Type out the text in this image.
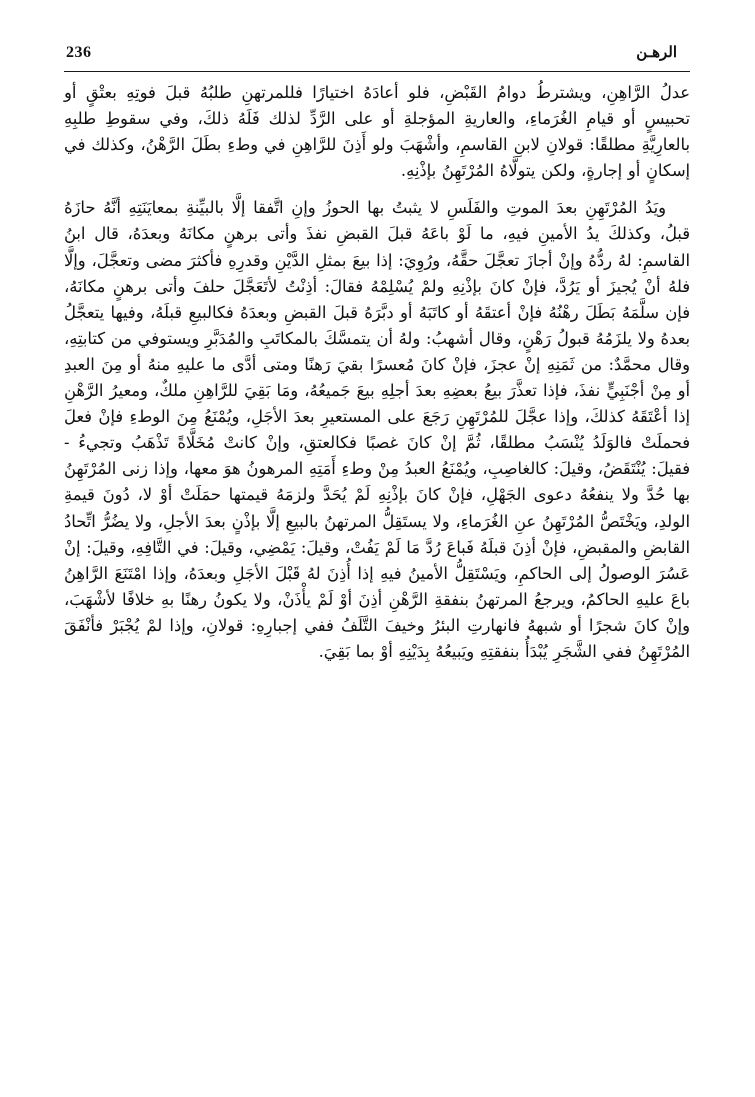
236	الرهـن

عدلُ الرَّاهِنِ، ويشترطُ دوامُ القَبْضِ، فلو أعادَهُ اختيارًا فللمرتهنِ طلبُهُ قبلَ فوتِهِ بعتْقٍ أو تحبيسٍ أو قيامِ الغُرَماءِ، والعاريةِ المؤجلةِ أو على الرَّدِّ لذلك فَلَهُ ذلكَ، وفي سقوطِ طلبِهِ بالعارِيَّةِ مطلقًا: قولانِ لابنِ القاسمِ، وأشْهَبَ ولو أَذِنَ للرَّاهِنِ في وطءِ بطَلَ الرَّهْنُ، وكذلك في إسكانٍ أو إجارةٍ، ولكن يتولَّاهُ المُرْتَهِنُ بإذْنِهِ.

ويَدُ المُرْتَهِنِ بعدَ الموتِ والفَلَسِ لا يثبتُ بها الحوزُ وإنِ اتَّفقا إلَّا بالبيِّنةِ بمعايَنَتِهِ أنَّهُ حازَهُ قبلُ، وكذلكَ يدُ الأمينِ فيهِ، ما لَوْ باعَهُ قبلَ القبضِ نفذَ وأتى برهنٍ مكانَهُ وبعدَهُ، قال ابنُ القاسمِ: لهُ ردُّهُ وإنْ أجازَ تعجَّلَ حقَّهُ، ورُوِيَ: إذا بيعَ بمثلِ الدَّيْنِ وقدرِهِ فأكثرَ مضى وتعجَّلَ، وإلَّا فلهُ أنْ يُجيزَ أو يَرُدَّ، فإنْ كانَ بإذْنِهِ ولمْ يُسْلِمْهُ فقالَ: أذِنْتُ لأتَعَجَّلَ حلفَ وأتى برهنٍ مكانَهُ، فإن سلَّمَهُ بَطَلَ رهْنُهُ فإنْ أعتقَهُ أو كاتَبَهُ أو دبَّرَهُ قبلَ القبضِ وبعدَهُ فكالبيعِ قبلَهُ، وفيها يتعجَّلُ بعدهُ ولا يلزَمُهُ قبولُ رَهْنٍ، وقال أشهبُ: ولهُ أن يتمسَّكَ بالمكاتَبِ والمُدَبَّرِ ويستوفي من كتابتِهِ، وقال محمَّدٌ: من ثَمَنِهِ إنْ عجزَ، فإنْ كانَ مُعسرًا بقيَ رَهنًا ومتى أدَّى ما عليهِ منهُ أو مِنَ العبدِ أو مِنْ أجْنَبِيٍّ نفذَ، فإذا تعذَّرَ بيعُ بعضِهِ بعدَ أجلِهِ بيعَ جَميعُهُ، ومَا بَقِيَ للرَّاهِنِ ملكٌ، ومعيرُ الرَّهْنِ إذا أعْتَقَهُ كذلكَ، وإذا عجَّلَ للمُرْتَهِنِ رَجَعَ على المستعيرِ بعدَ الأجَلِ، ويُمْنَعُ مِنَ الوطءِ فإنْ فعلَ فحملَتْ فالوَلَدُ يُنْسَبُ مطلقًا، ثُمَّ إنْ كانَ غصبًا فكالعتقِ، وإنْ كانتْ مُخَلَّاةً تَذْهَبُ وتجيءُ - فقيلَ: يُنْتَقَضُ، وقيلَ: كالغاصِبِ، ويُمْنَعُ العبدُ مِنْ وطءِ أَمَتِهِ المرهونُ هوَ معها، وإذا زنى المُرْتَهِنُ بها حُدَّ ولا ينفعُهُ دعوى الجَهْلِ، فإنْ كانَ بإذْنِهِ لَمْ يُحَدَّ ولزمَهُ قيمتها حمَلَتْ أوْ لا، دُونَ قيمةِ الولدِ، ويَخْتَصُّ المُرْتَهِنُ عنِ الغُرَماءِ، ولا يستَقِلُّ المرتهنُ بالبيعِ إلَّا بإذْنٍ بعدَ الأجلِ، ولا يضُرُّ اتِّحادُ القابضِ والمقبضِ، فإنْ أذِنَ قبلَهُ فَباعَ رُدَّ مَا لَمْ يَفُتْ، وقيلَ: يَمْضِي، وقيلَ: في التَّافِهِ، وقيلَ: إنْ عَسُرَ الوصولُ إلى الحاكمِ، ويَسْتَقِلُّ الأمينُ فيهِ إذا أُذِنَ لهُ قَبْلَ الأجَلِ وبعدَهُ، وإذا امْتَنَعَ الرَّاهِنُ باعَ عليهِ الحاكمُ، ويرجعُ المرتهنُ بنفقةِ الرَّهْنِ أذِنَ أوْ لَمْ يأْذَنْ، ولا يكونُ رهنًا بهِ خلافًا لأشْهَبَ، وإنْ كانَ شجرًا أو شبههُ فانهارتِ البئرُ وخيفَ التَّلَفُ ففي إجبارِهِ: قولانِ، وإذا لمْ يُجْبَرْ فأنْفَقَ المُرْتَهِنُ ففي الشَّجَرِ يُبْدَأُ بنفقتِهِ ويَبيعُهُ بِدَيْنِهِ أوْ بما بَقِيَ.
